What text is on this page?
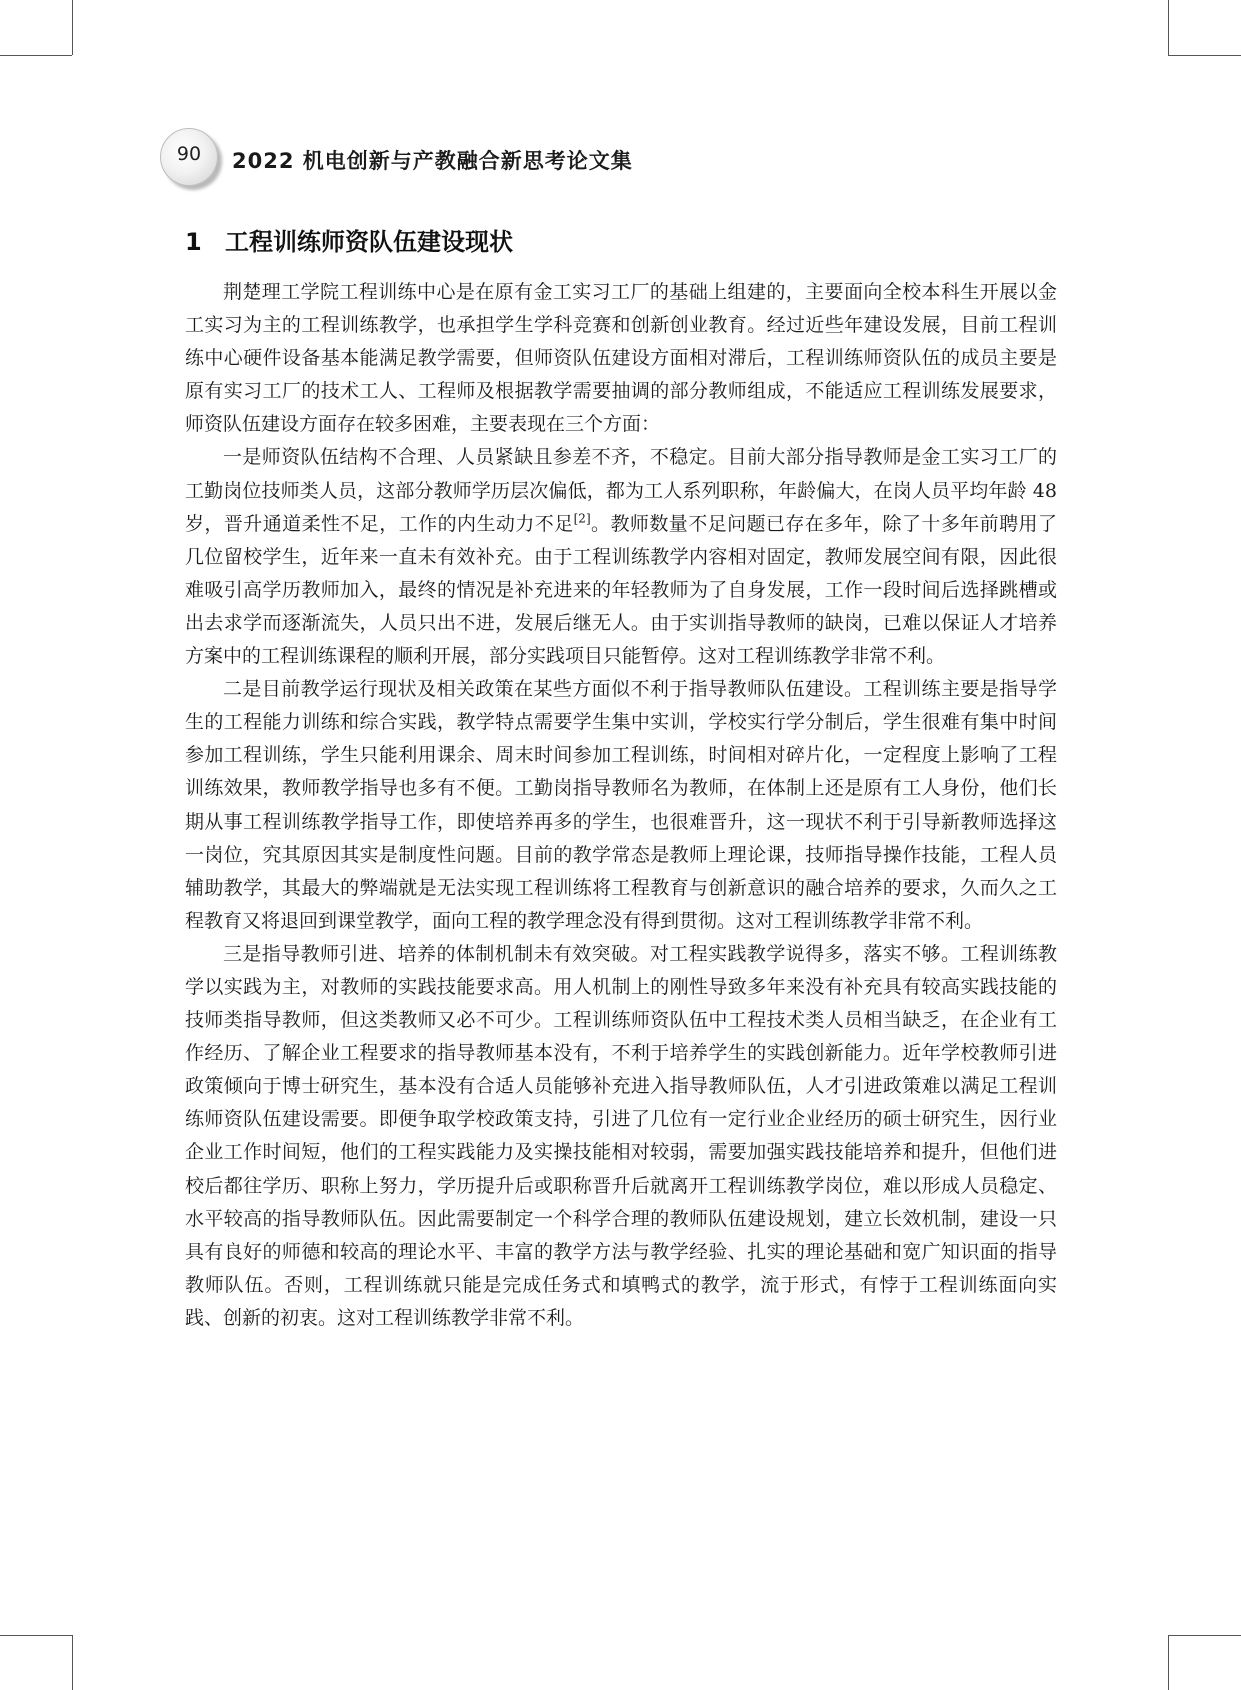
90	2022 机电创新与产教融合新思考论文集
1 工程训练师资队伍建设现状

荆楚理工学院工程训练中心是在原有金工实习工厂的基础上组建的，主要面向全校本科生开展以金工实习为主的工程训练教学，也承担学生学科竞赛和创新创业教育。经过近些年建设发展，目前工程训练中心硬件设备基本能满足教学需要，但师资队伍建设方面相对滞后，工程训练师资队伍的成员主要是原有实习工厂的技术工人、工程师及根据教学需要抽调的部分教师组成，不能适应工程训练发展要求，师资队伍建设方面存在较多困难，主要表现在三个方面：

一是师资队伍结构不合理、人员紧缺且参差不齐，不稳定。目前大部分指导教师是金工实习工厂的工勤岗位技师类人员，这部分教师学历层次偏低，都为工人系列职称，年龄偏大，在岗人员平均年龄 48 岁，晋升通道柔性不足，工作的内生动力不足[2]。教师数量不足问题已存在多年，除了十多年前聘用了几位留校学生，近年来一直未有效补充。由于工程训练教学内容相对固定，教师发展空间有限，因此很难吸引高学历教师加入，最终的情况是补充进来的年轻教师为了自身发展，工作一段时间后选择跳槽或出去求学而逐渐流失，人员只出不进，发展后继无人。由于实训指导教师的缺岗，已难以保证人才培养方案中的工程训练课程的顺利开展，部分实践项目只能暂停。这对工程训练教学非常不利。

二是目前教学运行现状及相关政策在某些方面似不利于指导教师队伍建设。工程训练主要是指导学生的工程能力训练和综合实践，教学特点需要学生集中实训，学校实行学分制后，学生很难有集中时间参加工程训练，学生只能利用课余、周末时间参加工程训练，时间相对碎片化，一定程度上影响了工程训练效果，教师教学指导也多有不便。工勤岗指导教师名为教师，在体制上还是原有工人身份，他们长期从事工程训练教学指导工作，即使培养再多的学生，也很难晋升，这一现状不利于引导新教师选择这一岗位，究其原因其实是制度性问题。目前的教学常态是教师上理论课，技师指导操作技能，工程人员辅助教学，其最大的弊端就是无法实现工程训练将工程教育与创新意识的融合培养的要求，久而久之工程教育又将退回到课堂教学，面向工程的教学理念没有得到贯彻。这对工程训练教学非常不利。

三是指导教师引进、培养的体制机制未有效突破。对工程实践教学说得多，落实不够。工程训练教学以实践为主，对教师的实践技能要求高。用人机制上的刚性导致多年来没有补充具有较高实践技能的技师类指导教师，但这类教师又必不可少。工程训练师资队伍中工程技术类人员相当缺乏，在企业有工作经历、了解企业工程要求的指导教师基本没有，不利于培养学生的实践创新能力。近年学校教师引进政策倾向于博士研究生，基本没有合适人员能够补充进入指导教师队伍，人才引进政策难以满足工程训练师资队伍建设需要。即便争取学校政策支持，引进了几位有一定行业企业经历的硕士研究生，因行业企业工作时间短，他们的工程实践能力及实操技能相对较弱，需要加强实践技能培养和提升，但他们进校后都往学历、职称上努力，学历提升后或职称晋升后就离开工程训练教学岗位，难以形成人员稳定、水平较高的指导教师队伍。因此需要制定一个科学合理的教师队伍建设规划，建立长效机制，建设一只具有良好的师德和较高的理论水平、丰富的教学方法与教学经验、扎实的理论基础和宽广知识面的指导教师队伍。否则，工程训练就只能是完成任务式和填鸭式的教学，流于形式，有悖于工程训练面向实践、创新的初衷。这对工程训练教学非常不利。
